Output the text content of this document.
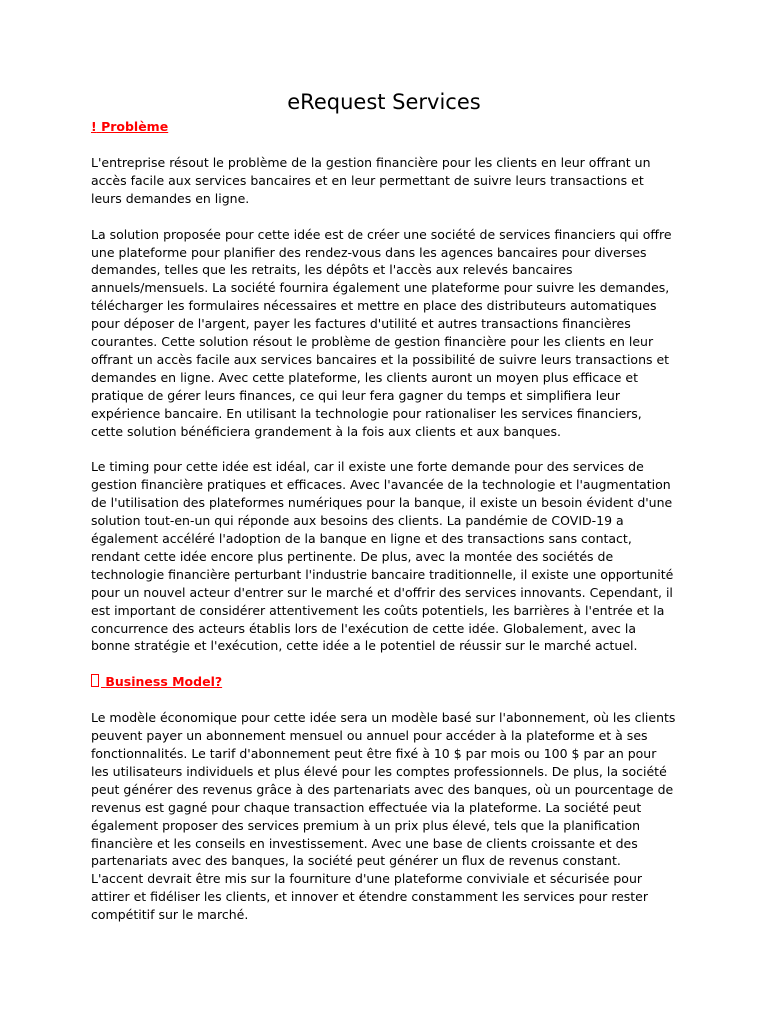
eRequest Services
! Problème

L'entreprise résout le problème de la gestion financière pour les clients en leur offrant un accès facile aux services bancaires et en leur permettant de suivre leurs transactions et leurs demandes en ligne.

La solution proposée pour cette idée est de créer une société de services financiers qui offre une plateforme pour planifier des rendez-vous dans les agences bancaires pour diverses demandes, telles que les retraits, les dépôts et l'accès aux relevés bancaires annuels/mensuels. La société fournira également une plateforme pour suivre les demandes, télécharger les formulaires nécessaires et mettre en place des distributeurs automatiques pour déposer de l'argent, payer les factures d'utilité et autres transactions financières courantes. Cette solution résout le problème de gestion financière pour les clients en leur offrant un accès facile aux services bancaires et la possibilité de suivre leurs transactions et demandes en ligne. Avec cette plateforme, les clients auront un moyen plus efficace et pratique de gérer leurs finances, ce qui leur fera gagner du temps et simplifiera leur expérience bancaire. En utilisant la technologie pour rationaliser les services financiers, cette solution bénéficiera grandement à la fois aux clients et aux banques.

Le timing pour cette idée est idéal, car il existe une forte demande pour des services de gestion financière pratiques et efficaces. Avec l'avancée de la technologie et l'augmentation de l'utilisation des plateformes numériques pour la banque, il existe un besoin évident d'une solution tout-en-un qui réponde aux besoins des clients. La pandémie de COVID-19 a également accéléré l'adoption de la banque en ligne et des transactions sans contact, rendant cette idée encore plus pertinente. De plus, avec la montée des sociétés de technologie financière perturbant l'industrie bancaire traditionnelle, il existe une opportunité pour un nouvel acteur d'entrer sur le marché et d'offrir des services innovants. Cependant, il est important de considérer attentivement les coûts potentiels, les barrières à l'entrée et la concurrence des acteurs établis lors de l'exécution de cette idée. Globalement, avec la bonne stratégie et l'exécution, cette idée a le potentiel de réussir sur le marché actuel.

Business Model?

Le modèle économique pour cette idée sera un modèle basé sur l'abonnement, où les clients peuvent payer un abonnement mensuel ou annuel pour accéder à la plateforme et à ses fonctionnalités. Le tarif d'abonnement peut être fixé à 10 $ par mois ou 100 $ par an pour les utilisateurs individuels et plus élevé pour les comptes professionnels. De plus, la société peut générer des revenus grâce à des partenariats avec des banques, où un pourcentage de revenus est gagné pour chaque transaction effectuée via la plateforme. La société peut également proposer des services premium à un prix plus élevé, tels que la planification financière et les conseils en investissement. Avec une base de clients croissante et des partenariats avec des banques, la société peut générer un flux de revenus constant. L'accent devrait être mis sur la fourniture d'une plateforme conviviale et sécurisée pour attirer et fidéliser les clients, et innover et étendre constamment les services pour rester compétitif sur le marché.
